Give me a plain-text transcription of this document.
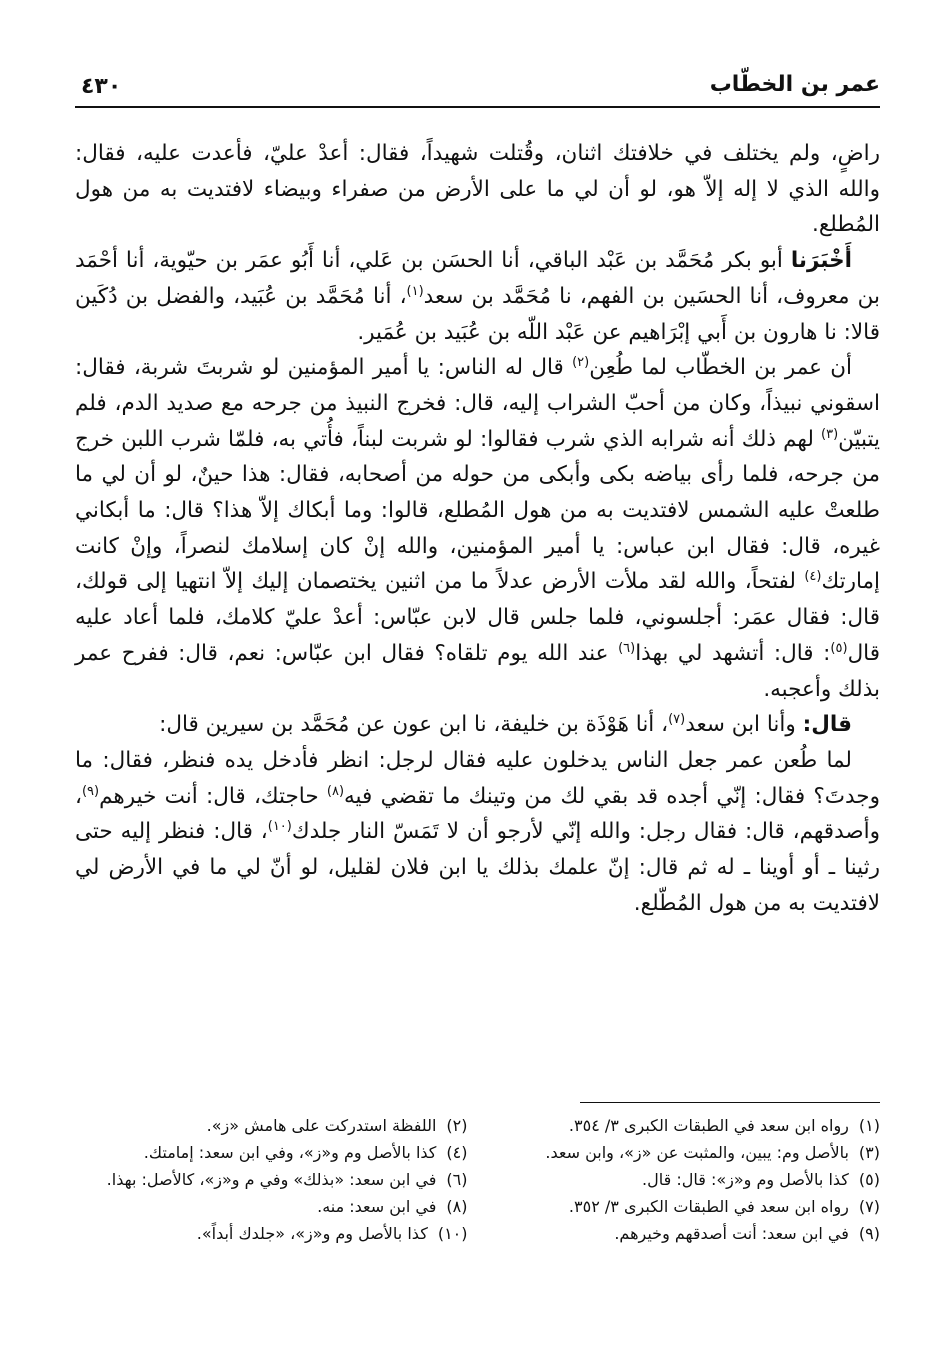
عمر بن الخطّاب
٤٣٠

راضٍ، ولم يختلف في خلافتك اثنان، وقُتلت شهيداً، فقال: أعدْ عليّ، فأعدت عليه، فقال: والله الذي لا إله إلاّ هو، لو أن لي ما على الأرض من صفراء وبيضاء لافتديت به من هول المُطلع.

أَخْبَرَنا أبو بكر مُحَمَّد بن عَبْد الباقي، أنا الحسَن بن عَلي، أنا أَبُو عمَر بن حيّوية، أنا أحْمَد بن معروف، أنا الحسَين بن الفهم، نا مُحَمَّد بن سعد$^{(١)}$، أنا مُحَمَّد بن عُبَيد، والفضل بن دُكَين قالا: نا هارون بن أَبي إبْرَاهيم عن عَبْد اللّه بن عُبَيد بن عُمَير.

أن عمر بن الخطّاب لما طُعِن$^{(٢)}$ قال له الناس: يا أمير المؤمنين لو شربتَ شربة، فقال: اسقوني نبيذاً، وكان من أحبّ الشراب إليه، قال: فخرج النبيذ من جرحه مع صديد الدم، فلم يتبيّن$^{(٣)}$ لهم ذلك أنه شرابه الذي شرب فقالوا: لو شربت لبناً، فأُتي به، فلمّا شرب اللبن خرج من جرحه، فلما رأى بياضه بكى وأبكى من حوله من أصحابه، فقال: هذا حينٌ، لو أن لي ما طلعتْ عليه الشمس لافتديت به من هول المُطلع، قالوا: وما أبكاك إلاّ هذا؟ قال: ما أبكاني غيره، قال: فقال ابن عباس: يا أمير المؤمنين، والله إنْ كان إسلامك لنصراً، وإنْ كانت إمارتك$^{(٤)}$ لفتحاً، والله لقد ملأت الأرض عدلاً ما من اثنين يختصمان إليك إلاّ انتهيا إلى قولك، قال: فقال عمَر: أجلسوني، فلما جلس قال لابن عبّاس: أعدْ عليّ كلامك، فلما أعاد عليه قال$^{(٥)}$: قال: أتشهد لي بهذا$^{(٦)}$ عند الله يوم تلقاه؟ فقال ابن عبّاس: نعم، قال: ففرح عمر بذلك وأعجبه.

قال: وأنا ابن سعد$^{(٧)}$، أنا هَوْذَة بن خليفة، نا ابن عون عن مُحَمَّد بن سيرين قال:

لما طُعن عمر جعل الناس يدخلون عليه فقال لرجل: انظر فأدخل يده فنظر، فقال: ما وجدتَ؟ فقال: إنّي أجده قد بقي لك من وتينك ما تقضي فيه$^{(٨)}$ حاجتك، قال: أنت خيرهم$^{(٩)}$، وأصدقهم، قال: فقال رجل: والله إنّي لأرجو أن لا تَمَسّ النار جلدك$^{(١٠)}$، قال: فنظر إليه حتى رثينا ـ أو أوينا ـ له ثم قال: إنّ علمك بذلك يا ابن فلان لقليل، لو أنّ لي ما في الأرض لي لافتديت به من هول المُطّلع.

(١)رواه ابن سعد في الطبقات الكبرى ٣/ ٣٥٤.
(٢)اللفظة استدركت على هامش «ز».
(٣)بالأصل وم: يبين، والمثبت عن «ز»، وابن سعد.
(٤)كذا بالأصل وم و«ز»، وفي ابن سعد: إمامتك.
(٥)كذا بالأصل وم و«ز»: قال: قال.
(٦)في ابن سعد: «بذلك» وفي م و«ز»، كالأصل: بهذا.
(٧)رواه ابن سعد في الطبقات الكبرى ٣/ ٣٥٢.
(٨)في ابن سعد: منه.
(٩)في ابن سعد: أنت أصدقهم وخيرهم.
(١٠)كذا بالأصل وم و«ز»، «جلدك أبداً».
